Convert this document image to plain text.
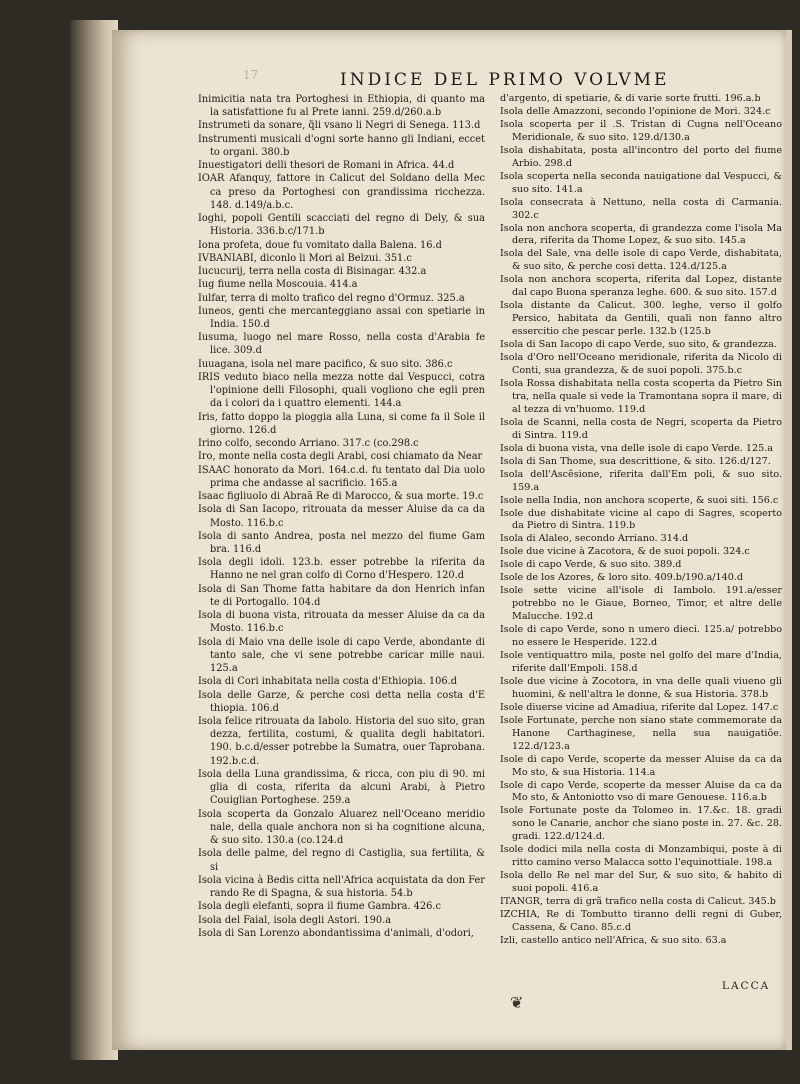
17	INDICE DEL PRIMO VOLVME

Inimicitia nata tra Portoghesi in Ethiopia, di quanto ma la satisfattione fu al Prete ianni. 259.d/260.a.b

Instrumeti da sonare, q̃li vsano li Negri di Senega. 113.d

Instrumenti musicali d'ogni sorte hanno gli Indiani, eccet to organi. 380.b

Inuestigatori delli thesori de Romani in Africa. 44.d

IOAR Afanquy, fattore in Calicut del Soldano della Mec ca preso da Portoghesi con grandissima ricchezza. 148. d.149/a.b.c.

Ioghi, popoli Gentili scacciati del regno di Dely, & sua Historia. 336.b.c/171.b

Iona profeta, doue fu vomitato dalla Balena. 16.d

IVBANIABI, diconlo li Mori al Belzui. 351.c

Iucucurij, terra nella costa di Bisinagar. 432.a

Iug fiume nella Moscouia. 414.a

Iulfar, terra di molto trafico del regno d'Ormuz. 325.a

Iuneos, genti che mercanteggiano assai con spetiarie in India. 150.d

Iusuma, luogo nel mare Rosso, nella costa d'Arabia fe lice. 309.d

Iuuagana, isola nel mare pacifico, & suo sito. 386.c

IRIS veduto biaco nella mezza notte dal Vespucci, cotra l'opinione delli Filosophi, quali vogliono che egli pren da i colori da i quattro elementi. 144.a

Iris, fatto doppo la pioggia alla Luna, si come fa il Sole il giorno. 126.d

Irino colfo, secondo Arriano. 317.c (co.298.c

Iro, monte nella costa degli Arabi, cosi chiamato da Near

ISAAC honorato da Mori. 164.c.d. fu tentato dal Dia uolo prima che andasse al sacrificio. 165.a

Isaac figliuolo di Abraã Re di Marocco, & sua morte. 19.c

Isola di San Iacopo, ritrouata da messer Aluise da ca da Mosto. 116.b.c

Isola di santo Andrea, posta nel mezzo del fiume Gam bra. 116.d

Isola degli idoli. 123.b. esser potrebbe la riferita da Hanno ne nel gran colfo di Corno d'Hespero. 120.d

Isola di San Thome fatta habitare da don Henrich infan te di Portogallo. 104.d

Isola di buona vista, ritrouata da messer Aluise da ca da Mosto. 116.b.c

Isola di Maio vna delle isole di capo Verde, abondante di tanto sale, che vi sene potrebbe caricar mille naui. 125.a

Isola di Cori inhabitata nella costa d'Ethiopia. 106.d

Isola delle Garze, & perche cosi detta nella costa d'E thiopia. 106.d

Isola felice ritrouata da Iabolo. Historia del suo sito, gran dezza, fertilita, costumi, & qualita degli habitatori. 190. b.c.d/esser potrebbe la Sumatra, ouer Taprobana. 192.b.c.d.

Isola della Luna grandissima, & ricca, con piu di 90. mi glia di costa, riferita da alcuni Arabi, à Pietro Couiglian Portoghese. 259.a

Isola scoperta da Gonzalo Aluarez nell'Oceano meridio nale, della quale anchora non si ha cognitione alcuna, & suo sito. 130.a (co.124.d

Isola delle palme, del regno di Castiglia, sua fertilita, & si

Isola vicina à Bedis citta nell'Africa acquistata da don Fer rando Re di Spagna, & sua historia. 54.b

Isola degli elefanti, sopra il fiume Gambra. 426.c

Isola del Faial, isola degli Astori. 190.a

Isola di San Lorenzo abondantissima d'animali, d'odori,

d'argento, di spetiarie, & di varie sorte frutti. 196.a.b

Isola delle Amazzoni, secondo l'opinione de Mori. 324.c

Isola scoperta per il .S. Tristan di Cugna nell'Oceano Meridionale, & suo sito. 129.d/130.a

Isola dishabitata, posta all'incontro del porto del fiume Arbio. 298.d

Isola scoperta nella seconda nauigatione dal Vespucci, & suo sito. 141.a

Isola consecrata à Nettuno, nella costa di Carmania. 302.c

Isola non anchora scoperta, di grandezza come l'isola Ma dera, riferita da Thome Lopez, & suo sito. 145.a

Isola del Sale, vna delle isole di capo Verde, dishabitata, & suo sito, & perche cosi detta. 124.d/125.a

Isola non anchora scoperta, riferita dal Lopez, distante dal capo Buona speranza leghe. 600. & suo sito. 157.d

Isola distante da Calicut. 300. leghe, verso il golfo Persico, habitata da Gentili, quali non fanno altro essercitio che pescar perle. 132.b (125.b

Isola di San Iacopo di capo Verde, suo sito, & grandezza.

Isola d'Oro nell'Oceano meridionale, riferita da Nicolo di Conti, sua grandezza, & de suoi popoli. 375.b.c

Isola Rossa dishabitata nella costa scoperta da Pietro Sin tra, nella quale si vede la Tramontana sopra il mare, di al tezza di vn'huomo. 119.d

Isola de Scanni, nella costa de Negri, scoperta da Pietro di Sintra. 119.d

Isola di buona vista, vna delle isole di capo Verde. 125.a

Isola di San Thome, sua descrittione, & sito. 126.d/127.

Isola dell'Ascẽsione, riferita dall'Em poli, & suo sito. 159.a

Isole nella India, non anchora scoperte, & suoi siti. 156.c

Isole due dishabitate vicine al capo di Sagres, scoperto da Pietro di Sintra. 119.b

Isola di Alaleo, secondo Arriano. 314.d

Isole due vicine à Zacotora, & de suoi popoli. 324.c

Isole di capo Verde, & suo sito. 389.d

Isole de los Azores, & loro sito. 409.b/190.a/140.d

Isole sette vicine all'isole di Iambolo. 191.a/esser potrebbo no le Giaue, Borneo, Timor, et altre delle Malucche. 192.d

Isole di capo Verde, sono n umero dieci. 125.a/ potrebbo no essere le Hesperide. 122.d

Isole ventiquattro mila, poste nel golfo del mare d'India, riferite dall'Empoli. 158.d

Isole due vicine à Zocotora, in vna delle quali viueno gli huomini, & nell'altra le donne, & sua Historia. 378.b

Isole diuerse vicine ad Amadiua, riferite dal Lopez. 147.c

Isole Fortunate, perche non siano state commemorate da Hanone Carthaginese, nella sua nauigatiõe. 122.d/123.a

Isole di capo Verde, scoperte da messer Aluise da ca da Mo sto, & sua Historia. 114.a

Isole di capo Verde, scoperte da messer Aluise da ca da Mo sto, & Antoniotto vso di mare Genouese. 116.a.b

Isole Fortunate poste da Tolomeo in. 17.&c. 18. gradi sono le Canarie, anchor che siano poste in. 27. &c. 28. gradi. 122.d/124.d.

Isole dodici mila nella costa di Monzambiqui, poste à di ritto camino verso Malacca sotto l'equinottiale. 198.a

Isola dello Re nel mar del Sur, & suo sito, & habito di suoi popoli. 416.a

ITANGR, terra di grã trafico nella costa di Calicut. 345.b

IZCHIA, Re di Tombutto tiranno delli regni di Guber, Cassena, & Cano. 85.c.d

Izli, castello antico nell'Africa, & suo sito. 63.a

LACCA
❦
